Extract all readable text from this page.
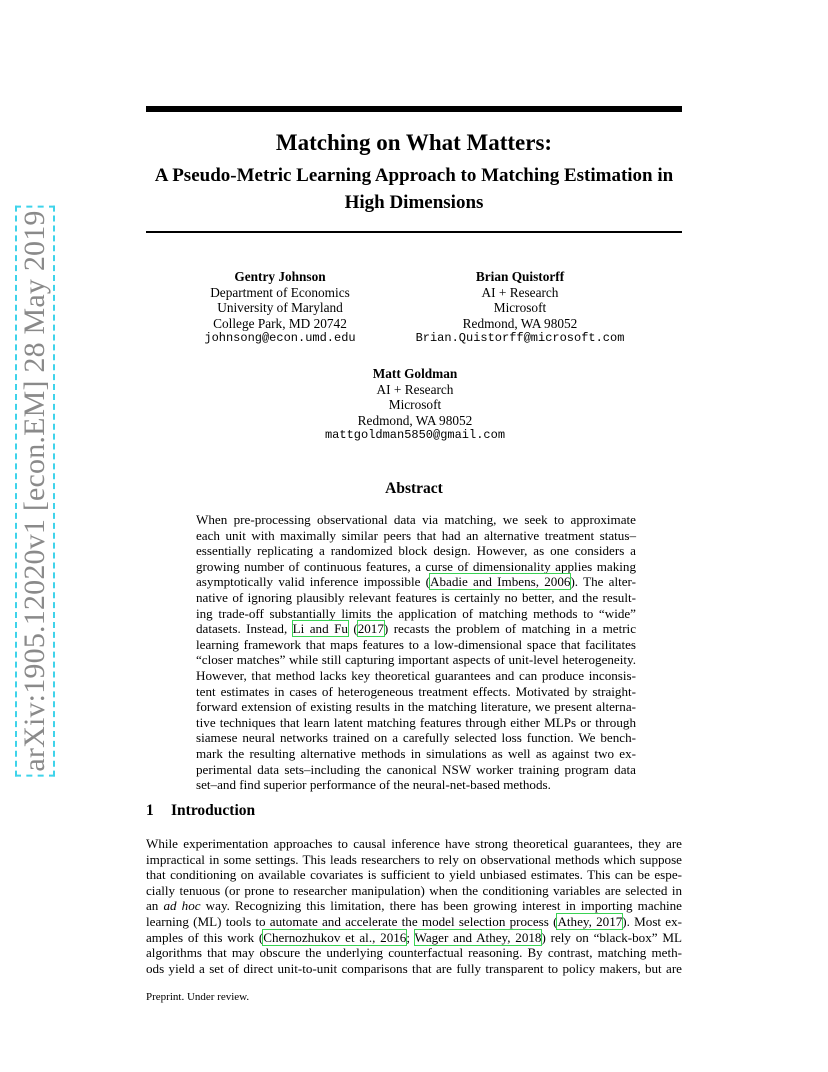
arXiv:1905.12020v1 [econ.EM] 28 May 2019
Matching on What Matters:
A Pseudo-Metric Learning Approach to Matching Estimation in
High Dimensions
Gentry Johnson
Department of Economics
University of Maryland
College Park, MD 20742
johnsong@econ.umd.edu
Brian Quistorff
AI + Research
Microsoft
Redmond, WA 98052
Brian.Quistorff@microsoft.com
Matt Goldman
AI + Research
Microsoft
Redmond, WA 98052
mattgoldman5850@gmail.com
Abstract
When pre-processing observational data via matching, we seek to approximate
each unit with maximally similar peers that had an alternative treatment status–
essentially replicating a randomized block design. However, as one considers a
growing number of continuous features, a curse of dimensionality applies making
asymptotically valid inference impossible (Abadie and Imbens, 2006). The alter-
native of ignoring plausibly relevant features is certainly no better, and the result-
ing trade-off substantially limits the application of matching methods to “wide”
datasets. Instead, Li and Fu (2017) recasts the problem of matching in a metric
learning framework that maps features to a low-dimensional space that facilitates
“closer matches” while still capturing important aspects of unit-level heterogeneity.
However, that method lacks key theoretical guarantees and can produce inconsis-
tent estimates in cases of heterogeneous treatment effects. Motivated by straight-
forward extension of existing results in the matching literature, we present alterna-
tive techniques that learn latent matching features through either MLPs or through
siamese neural networks trained on a carefully selected loss function. We bench-
mark the resulting alternative methods in simulations as well as against two ex-
perimental data sets–including the canonical NSW worker training program data
set–and find superior performance of the neural-net-based methods.
1 Introduction
While experimentation approaches to causal inference have strong theoretical guarantees, they are
impractical in some settings. This leads researchers to rely on observational methods which suppose
that conditioning on available covariates is sufficient to yield unbiased estimates. This can be espe-
cially tenuous (or prone to researcher manipulation) when the conditioning variables are selected in
an ad hoc way. Recognizing this limitation, there has been growing interest in importing machine
learning (ML) tools to automate and accelerate the model selection process (Athey, 2017). Most ex-
amples of this work (Chernozhukov et al., 2016; Wager and Athey, 2018) rely on “black-box” ML
algorithms that may obscure the underlying counterfactual reasoning. By contrast, matching meth-
ods yield a set of direct unit-to-unit comparisons that are fully transparent to policy makers, but are
Preprint. Under review.
